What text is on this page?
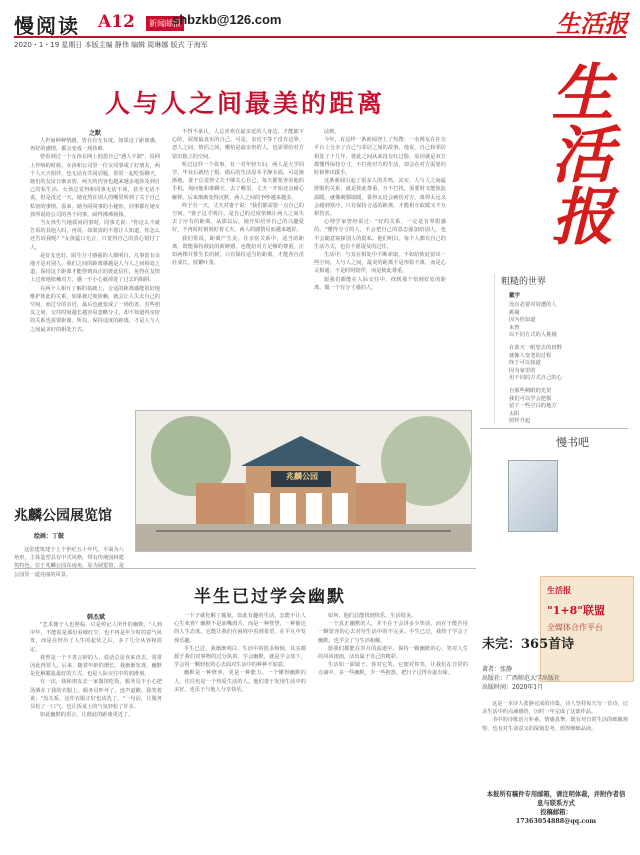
慢阅读 A12	新闻邮报
shbzkb@126.com	生活报
2020・1・19 星期日 本版主编 静伟 编辑 周琳娜 版式 于海军
人与人之间最美的距离
之默

人世间种种情感，皆在有无有度。如果这了距离感，再好的感情，都会变成一场劫难。

曾看到过一个女孩在网上抱怨自己"遇人不淑"，说网上作响的时候，女孩和公司里一位女同事成了好朋友，两个人天天相伴，也无话有共同话题，常常一起吃饭聊天，她们的友谊日渐亲密，两天的内容也越来越多地涉及到自己的私生活。女孩总觉得和同事无话不谈，甚至无话不说。但是没过一天，她竟然在别人的嘴里听到了关于自己私密的事情。原来，她为同同事的小秘密，同事都在她女孩所说给公司的各个同事，闹得沸沸扬扬。

当女孩生气地质问同事时，同事尤说："你这么不就告诉的其他人吗，再说，如果真的不愿让人知道，你怎么还告诉我呢？"女孩猛口无言，只觉得自己的真心错付了人。

是好友也好，陌生分寸感强的人都明白，凡事留有余地才是对别人，我们之间的距离感越是人与人之间相处之道，保持这个距离才能得到真正的彼此信任，免得在友情上过度地依赖对方，感一不小心就掉进了过去的陷阱。

在两个人相互了解的基础上，合适的距离感能很好地维护彼此的关系，如果被过度依赖，就会让人失去自己的空间，而过分的亲近，最后也就变成了一场伤害。有些朋友之间，交往时间越长越容易忽略分寸，却不知道再亲密的关系也需要距离。所以，保持适度的距离，才是人与人之间最美好的相处方式。

不得不承认，人总喜欢在最亲近的人身边，才能卸下心防，展现最真实的自己。可是，亲近不等于没有边界。恋人之间，情侣之间，哪怕是最亲密的人，也需要给对方留出独立的空间。

听过这样一个故事，有一对年轻夫妇，两人是大学同学，毕业后就结了婚。婚后的生活原本平静幸福，可是渐渐地，妻子总觉得丈夫不够关心自己，每天都要查看他的手机，询问他和谁聊天、去了哪里。丈夫一开始还会耐心解释，后来渐渐变得沉默，两人之间的争吵越来越多。

终于有一天，丈夫对妻子说："我们都需要一点自己的空间。"妻子这才明白，是自己的过度依赖让两人之间失去了应有的距离。从那以后，她开始培养自己的兴趣爱好，不再时时刻刻盯着丈夫，两人的感情反而越来越好。

我们常说，距离产生美。在亲密关系中，适当的距离，既能保持彼此的新鲜感，也能给对方足够的尊重。正如两棵并排生长的树，只有保持适当的距离，才能各自茁壮成长，枝繁叶茂。

法则。

今年，有这样一条新闻登上了热搜：一名网友在社交平台上分享了自己与邻居之间的故事。他说，自己和邻居相处了十几年，彼此之间从来没有红过脸，原因就是双方都懂得保持分寸，不打扰对方的生活，却会在对方需要的时候伸出援手。

这条新闻引起了很多人的共鸣。其实，人与人之间最舒服的关系，就是彼此尊重、互不打扰，需要时又能彼此温暖。就像刺猬取暖，靠得太近会刺伤对方，离得太远又会感到寒冷，只有保持合适的距离，才能相互取暖又不互相伤害。

心理学家曾经说过："好的关系，一定是有界限感的。"懂得分寸的人，不会把自己的意志强加给别人，也不会随意窥探别人的隐私。他们明白，每个人都有自己的生活方式，也有不愿提及的过往。

生活中，与其在相处中不断索取，不如给彼此留出一些空间。人与人之间，最美的距离不是形影不离，而是心灵相通；不是时时陪伴，而是彼此尊重。

愿我们都能在人际交往中，找到那个恰到好处的距离，做一个有分寸感的人。

生活报
粗糙的世界
戴宇
没有必要对周遭的人
挑剔
因为你知道
未曾
以不同方式的人挑剔
在蓝天一眼望去的田野
就像人变老的过程
终于可以知道
因为家里的
用不同的方式自己的心
自那些刺眼的光里
我们可以学会把握
留下一些空白的地方
太阳
照样升起
兆麟公园
兆麟公园展览馆
绘画：丁鼓
这张建筑建于上个世纪五十年代，平面为八角形，主体造型具有中式风格，带有传统园林建筑特色。位于兆麟公园东南角，原为展览馆，是公园里一道亮丽的风景。
半生已过学会幽默
韩杰斌

"艺术便于人也照临，只是传记人所作的幽默。"人到中年，不能说是那份看破红尘，也不再是年少时的意气风发，而是在经历了人生的起伏之后，多了几分从容和淡定。

我曾是一个不善言辞的人，说话总是直来直去，常常因此得罪人。后来，随着年龄的增长，我渐渐发现，幽默是化解尴尬最好的方式，也是人际交往中的润滑剂。

有一次，我和朋友去一家餐馆吃饭，服务员不小心把汤洒在了我的衣服上。服务员吓坏了，连声道歉。我笑着说："没关系，这件衣服正好也该洗了。"一句话，让服务员松了一口气，也让饭桌上的气氛轻松了许多。

如此幽默的语言，让彼此的距离更近了。

一下子就化解了尴尬。如此有趣的生活，怎能不让人心生欢喜？幽默不是油嘴滑舌，而是一种智慧，一种豁达的人生态度。它能让我们在困境中看到希望，在平凡中发现乐趣。

半生已过，我渐渐明白，生活中的很多烦恼，其实都源于我们对事物的过分执着。学会幽默，就是学会放下，学会用一颗轻松的心去面对生活中的种种不如意。

幽默是一种修养，更是一种能力。一个懂得幽默的人，往往也是一个热爱生活的人。他们善于发现生活中的美好，也乐于与他人分享快乐。

如何，他们总能找到快乐，生活很美。

一个真正幽默的人，并不在于会讲多少笑话，而在于能否用一颗宽容的心去对待生活中的不完美。半生已过，我终于学会了幽默，也学会了与生活和解。

愿我们都能在岁月的流逝中，保持一颗幽默的心，笑对人生的风风雨雨，活出属于自己的精彩。

生活如一面镜子，你对它笑，它便对你笑。让我们在日常的点滴中，多一些幽默，少一些抱怨，把日子过得有滋有味。

慢书吧
生活报
"1+8"联盟
全媒体合作平台
未完：365首诗
著者：张静
出版社：广西师范大学出版社
出版时间：2020年1月

这是一本诗人张静完成的诗集，诗人坚持每天写一首诗，记录生活中的点滴感悟，历时一年完成了这部作品。

书中的诗歌语言朴素，情感真挚，既有对日常生活的细腻观察，也有对生命意义的深刻思考，值得细细品读。

本报所有稿件专用邮箱，请注明体裁，并附作者信息与联系方式
投稿邮箱：
17363054888@qq.com
